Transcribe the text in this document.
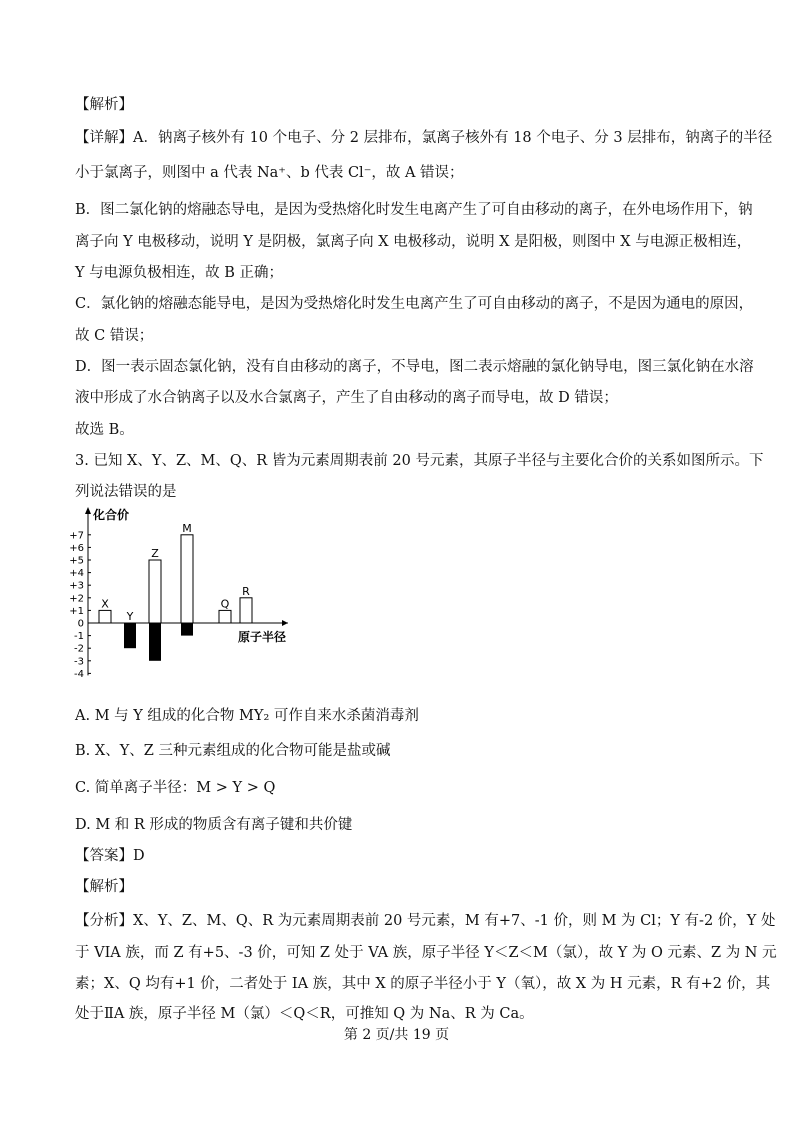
【解析】
【详解】A．钠离子核外有 10 个电子、分 2 层排布，氯离子核外有 18 个电子、分 3 层排布，钠离子的半径
小于氯离子，则图中 a 代表 Na⁺、b 代表 Cl⁻，故 A 错误；
B．图二氯化钠的熔融态导电，是因为受热熔化时发生电离产生了可自由移动的离子，在外电场作用下，钠
离子向 Y 电极移动，说明 Y 是阴极，氯离子向 X 电极移动，说明 X 是阳极，则图中 X 与电源正极相连，
Y 与电源负极相连，故 B 正确；
C．氯化钠的熔融态能导电，是因为受热熔化时发生电离产生了可自由移动的离子，不是因为通电的原因，
故 C 错误；
D．图一表示固态氯化钠，没有自由移动的离子，不导电，图二表示熔融的氯化钠导电，图三氯化钠在水溶
液中形成了水合钠离子以及水合氯离子，产生了自由移动的离子而导电，故 D 错误；
故选 B。
3. 已知 X、Y、Z、M、Q、R 皆为元素周期表前 20 号元素，其原子半径与主要化合价的关系如图所示。下
列说法错误的是
化合价
原子半径
+7
+6
+5
+4
+3
+2
+1
0
-1
-2
-3
-4
X
Y
Z
M
Q
R
A. M 与 Y 组成的化合物 MY₂ 可作自来水杀菌消毒剂
B. X、Y、Z 三种元素组成的化合物可能是盐或碱
C. 简单离子半径：M > Y > Q
D. M 和 R 形成的物质含有离子键和共价键
【答案】D
【解析】
【分析】X、Y、Z、M、Q、R 为元素周期表前 20 号元素，M 有+7、-1 价，则 M 为 Cl；Y 有-2 价，Y 处
于 VIA 族，而 Z 有+5、-3 价，可知 Z 处于 VA 族，原子半径 Y＜Z＜M（氯），故 Y 为 O 元素、Z 为 N 元
素；X、Q 均有+1 价，二者处于 IA 族，其中 X 的原子半径小于 Y（氧），故 X 为 H 元素，R 有+2 价，其
处于ⅡA 族，原子半径 M（氯）＜Q＜R，可推知 Q 为 Na、R 为 Ca。
第 2 页/共 19 页
